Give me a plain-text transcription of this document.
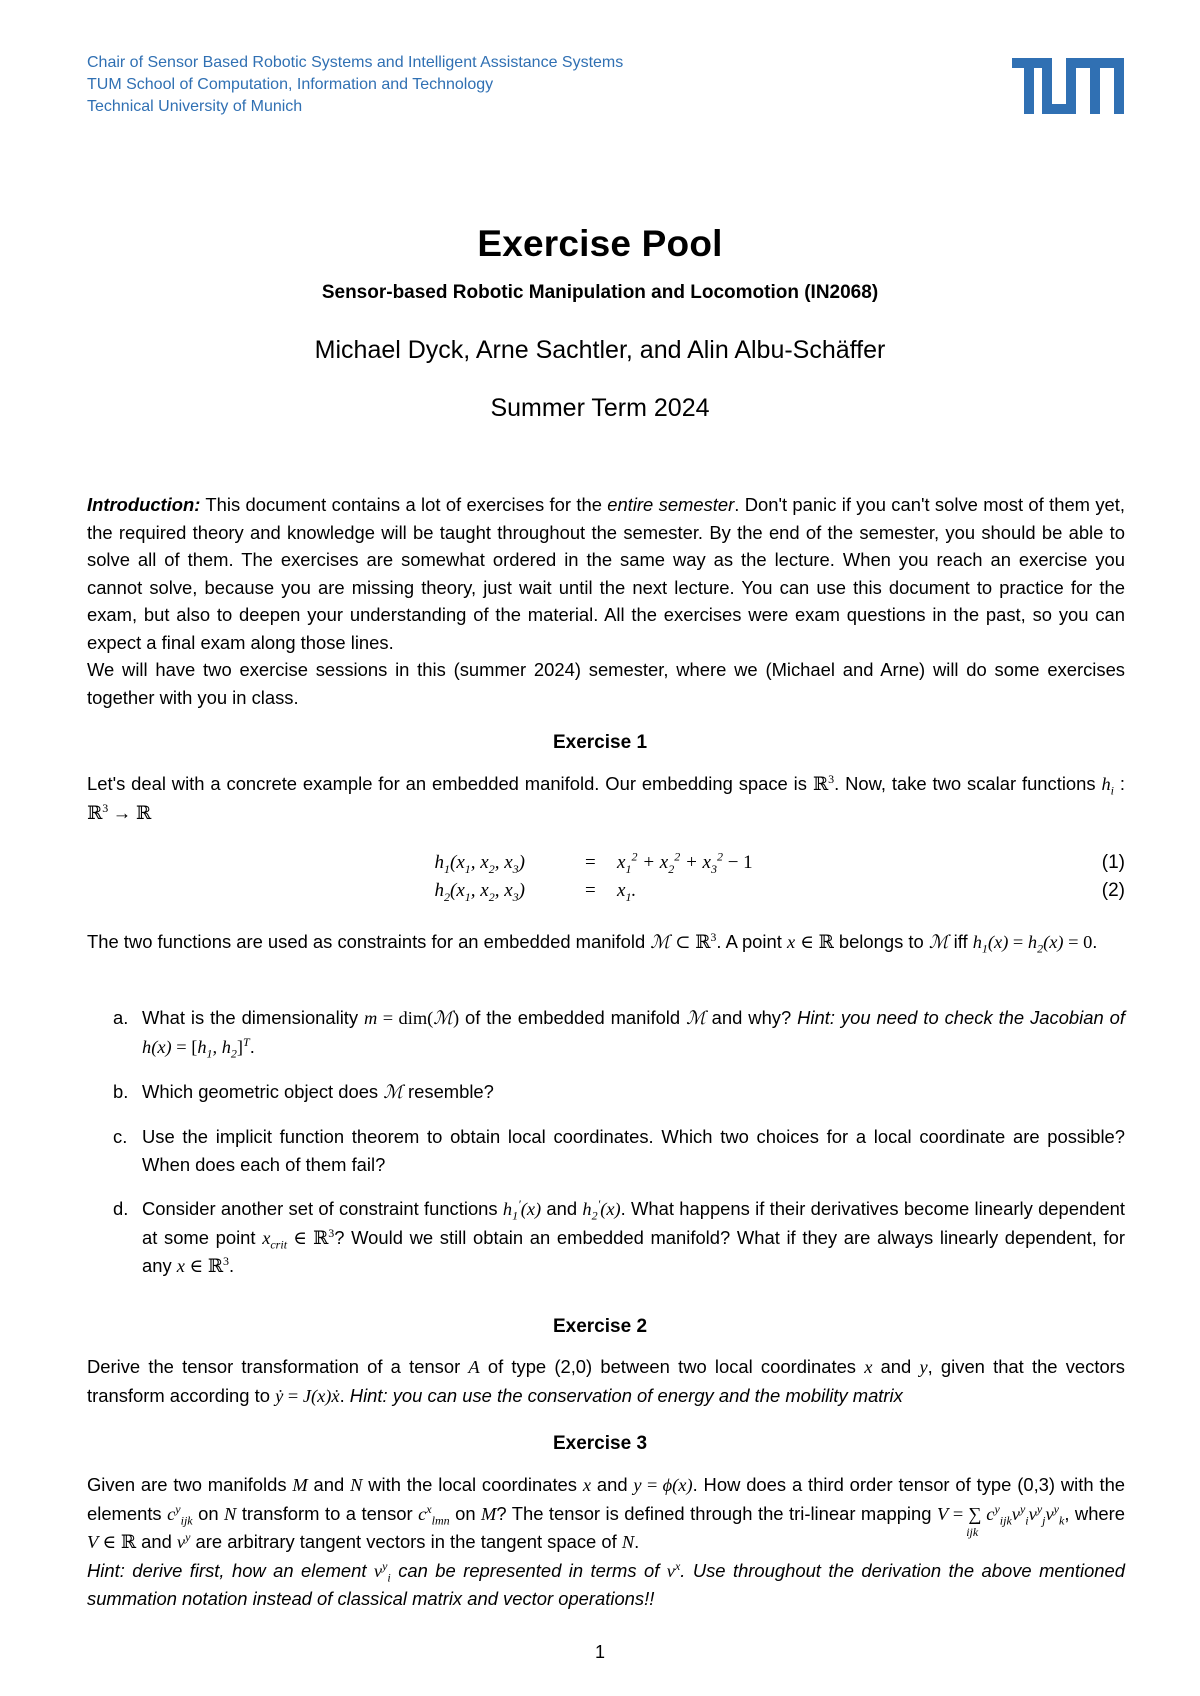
Chair of Sensor Based Robotic Systems and Intelligent Assistance Systems
TUM School of Computation, Information and Technology
Technical University of Munich
Exercise Pool
Sensor-based Robotic Manipulation and Locomotion (IN2068)
Michael Dyck, Arne Sachtler, and Alin Albu-Schäffer
Summer Term 2024
Introduction: This document contains a lot of exercises for the entire semester. Don't panic if you can't solve most of them yet, the required theory and knowledge will be taught throughout the semester. By the end of the semester, you should be able to solve all of them. The exercises are somewhat ordered in the same way as the lecture. When you reach an exercise you cannot solve, because you are missing theory, just wait until the next lecture. You can use this document to practice for the exam, but also to deepen your understanding of the material. All the exercises were exam questions in the past, so you can expect a final exam along those lines.
We will have two exercise sessions in this (summer 2024) semester, where we (Michael and Arne) will do some exercises together with you in class.
Exercise 1
Let's deal with a concrete example for an embedded manifold. Our embedding space is ℝ$^3$. Now, take two scalar functions $h_i$ : ℝ$^3$ → ℝ
$h_1(x_1$, $x_2$, $x_3$)	= $x_1^2 + x_2^2 + x_3^2 - 1$	(1)
$h_2(x_1$, $x_2$, $x_3$)	= $x_1$.	(2)
The two functions are used as constraints for an embedded manifold ℳ ⊂ ℝ$^3$. A point x ∈ ℝ belongs to ℳ iff $h_1(x) = h_2(x) = 0$.
a. What is the dimensionality m = dim(ℳ) of the embedded manifold ℳ and why? Hint: you need to check the Jacobian of $h(x) = [h_1$, $h_2]^T$.
b. Which geometric object does ℳ resemble?
c. Use the implicit function theorem to obtain local coordinates. Which two choices for a local coordinate are possible? When does each of them fail?
d. Consider another set of constraint functions $h_1'(x)$ and $h_2'(x)$. What happens if their derivatives become linearly dependent at some point $x_{crit}$ ∈ ℝ$^3$? Would we still obtain an embedded manifold? What if they are always linearly dependent, for any x ∈ ℝ$^3$.
Exercise 2
Derive the tensor transformation of a tensor A of type (2,0) between two local coordinates x and y, given that the vectors transform according to ẏ = J(x)ẋ. Hint: you can use the conservation of energy and the mobility matrix
Exercise 3
Given are two manifolds M and N with the local coordinates x and y = ϕ(x). How does a third order tensor of type (0,3) with the elements $c^y_{ijk}$ on N transform to a tensor $c^x_{lmn}$ on M? The tensor is defined through the tri-linear mapping V = ∑
ijk
$c^y_{ijk}v^y_iv^y_jv^y_k$, where V ∈ ℝ and $v^y$ are arbitrary tangent vectors in the tangent space of N.
Hint: derive first, how an element $v^y_i$ can be represented in terms of $v^x$. Use throughout the derivation the above mentioned summation notation instead of classical matrix and vector operations!!
1
